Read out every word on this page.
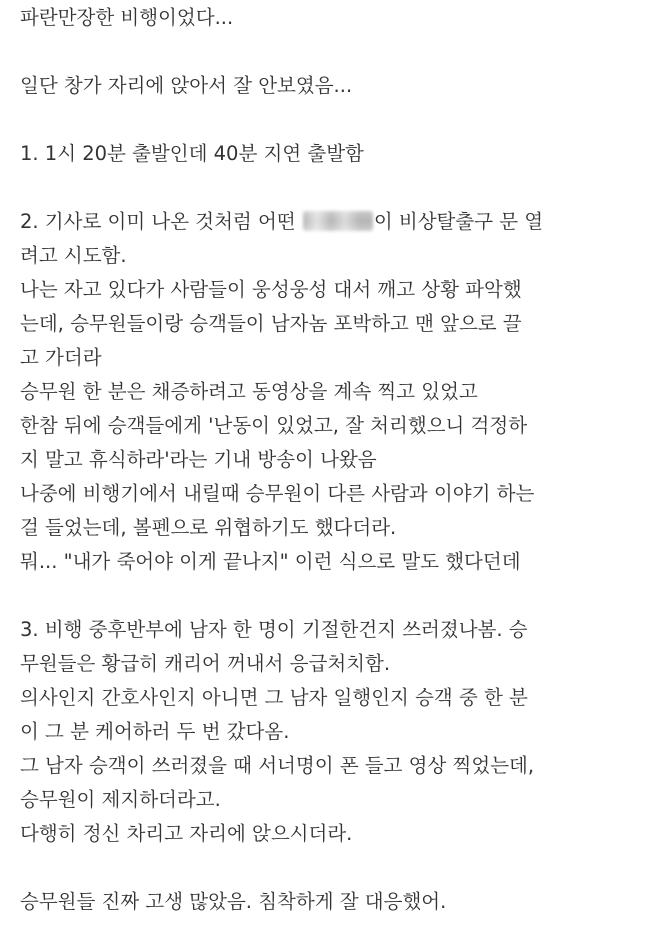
파란만장한 비행이었다...
일단 창가 자리에 앉아서 잘 안보였음...
1. 1시 20분 출발인데 40분 지연 출발함
2. 기사로 이미 나온 것처럼 어떤	이 비상탈출구 문 열
려고 시도함.
나는 자고 있다가 사람들이 웅성웅성 대서 깨고 상황 파악했
는데, 승무원들이랑 승객들이 남자놈 포박하고 맨 앞으로 끌
고 가더라
승무원 한 분은 채증하려고 동영상을 계속 찍고 있었고
한참 뒤에 승객들에게 '난동이 있었고, 잘 처리했으니 걱정하
지 말고 휴식하라'라는 기내 방송이 나왔음
나중에 비행기에서 내릴때 승무원이 다른 사람과 이야기 하는
걸 들었는데, 볼펜으로 위협하기도 했다더라.
뭐... "내가 죽어야 이게 끝나지" 이런 식으로 말도 했다던데
3. 비행 중후반부에 남자 한 명이 기절한건지 쓰러졌나봄. 승
무원들은 황급히 캐리어 꺼내서 응급처치함.
의사인지 간호사인지 아니면 그 남자 일행인지 승객 중 한 분
이 그 분 케어하러 두 번 갔다옴.
그 남자 승객이 쓰러졌을 때 서너명이 폰 들고 영상 찍었는데,
승무원이 제지하더라고.
다행히 정신 차리고 자리에 앉으시더라.
승무원들 진짜 고생 많았음. 침착하게 잘 대응했어.
